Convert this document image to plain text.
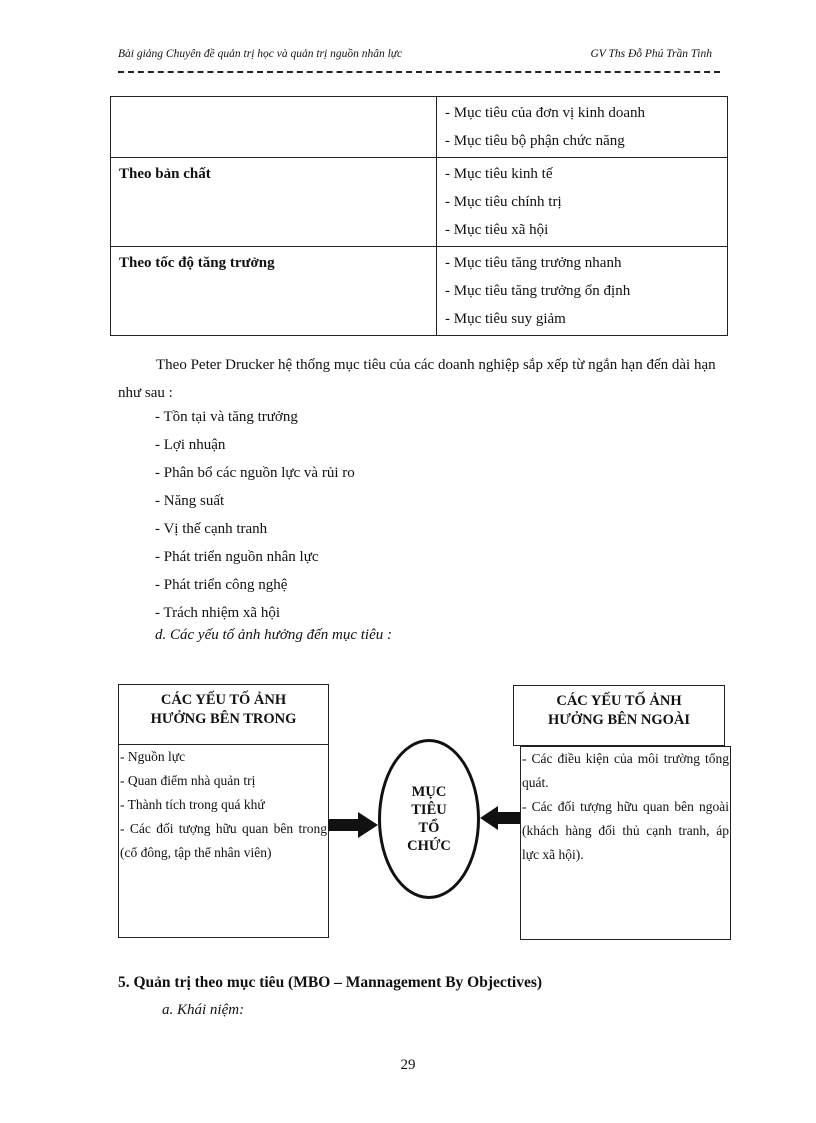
Bài giảng Chuyên đề quản trị học và quản trị nguồn nhân lực	GV Ths Đỗ Phú Trần Tình

	- Mục tiêu của đơn vị kinh doanh
- Mục tiêu bộ phận chức năng

Theo bản chất	- Mục tiêu kinh tế
- Mục tiêu chính trị
- Mục tiêu xã hội

Theo tốc độ tăng trưởng	- Mục tiêu tăng trưởng nhanh
- Mục tiêu tăng trưởng ổn định
- Mục tiêu suy giảm
Theo Peter Drucker hệ thống mục tiêu của các doanh nghiệp sắp xếp từ ngắn hạn đến dài hạn như sau :
- Tồn tại và tăng trưởng
- Lợi nhuận
- Phân bổ các nguồn lực và rủi ro
- Năng suất
- Vị thế cạnh tranh
- Phát triển nguồn nhân lực
- Phát triển công nghệ
- Trách nhiệm xã hội
d. Các yếu tố ảnh hưởng đến mục tiêu :
CÁC YẾU TỐ ẢNH
HƯỞNG BÊN TRONG
- Nguồn lực
- Quan điểm nhà quản trị
- Thành tích trong quá khứ
- Các đối tượng hữu quan bên trong (cổ đông, tập thể nhân viên)
MỤC
TIÊU
TỔ
CHỨC
CÁC YẾU TỐ ẢNH
HƯỞNG BÊN NGOÀI
- Các điều kiện của môi trường tổng quát.
- Các đối tượng hữu quan bên ngoài (khách hàng đối thủ cạnh tranh, áp lực xã hội).
5. Quản trị theo mục tiêu (MBO – Mannagement By Objectives)
a. Khái niệm:
29
